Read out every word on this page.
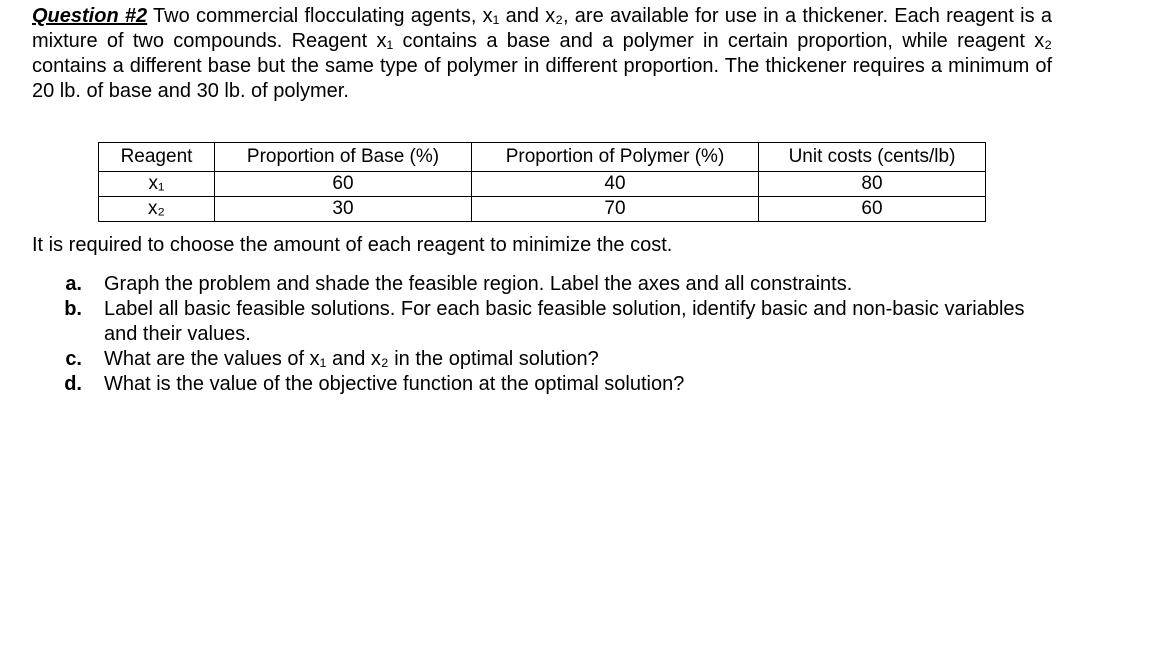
Question #2 Two commercial flocculating agents, x₁ and x₂, are available for use in a thickener. Each reagent is a mixture of two compounds. Reagent x₁ contains a base and a polymer in certain proportion, while reagent x₂ contains a different base but the same type of polymer in different proportion. The thickener requires a minimum of 20 lb. of base and 30 lb. of polymer.

Reagent	Proportion of Base (%)	Proportion of Polymer (%)	Unit costs (cents/lb)
x₁	60	40	80
x₂	30	70	60

It is required to choose the amount of each reagent to minimize the cost.

a. Graph the problem and shade the feasible region. Label the axes and all constraints.
b. Label all basic feasible solutions. For each basic feasible solution, identify basic and non-basic variables and their values.
c. What are the values of x₁ and x₂ in the optimal solution?
d. What is the value of the objective function at the optimal solution?
